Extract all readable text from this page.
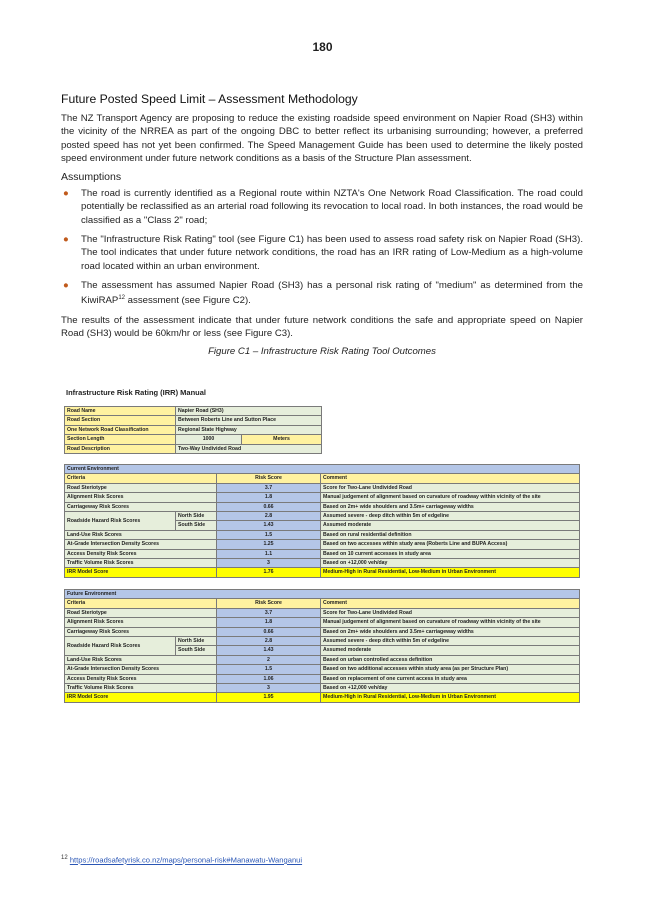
180
Future Posted Speed Limit – Assessment Methodology

The NZ Transport Agency are proposing to reduce the existing roadside speed environment on Napier Road (SH3) within the vicinity of the NRREA as part of the ongoing DBC to better reflect its urbanising surrounding; however, a preferred posted speed has not yet been confirmed. The Speed Management Guide has been used to determine the likely posted speed environment under future network conditions as a basis of the Structure Plan assessment.

Assumptions
● The road is currently identified as a Regional route within NZTA's One Network Road Classification. The road could potentially be reclassified as an arterial road following its revocation to local road. In both instances, the road would be classified as a "Class 2" road;
● The "Infrastructure Risk Rating" tool (see Figure C1) has been used to assess road safety risk on Napier Road (SH3). The tool indicates that under future network conditions, the road has an IRR rating of Low-Medium as a high-volume road located within an urban environment.
● The assessment has assumed Napier Road (SH3) has a personal risk rating of "medium" as determined from the KiwiRAP$^{12}$ assessment (see Figure C2).

The results of the assessment indicate that under future network conditions the safe and appropriate speed on Napier Road (SH3) would be 60km/hr or less (see Figure C3).

Figure C1 – Infrastructure Risk Rating Tool Outcomes
Infrastructure Risk Rating (IRR) Manual
Road Name	Napier Road (SH3)	
Road Section	Between Roberts Line and Sutton Place	
One Network Road Classification	Regional State Highway	
Section Length	1000	Meters
Road Description	Two-Way Undivided Road	
Current Environment			
Criteria		Risk Score	Comment
Road Steriotype		3.7	Score for Two-Lane Undivided Road
Alignment Risk Scores		1.8	Manual judgement of alignment based on curvature of roadway within vicinity of the site
Carriageway Risk Scores		0.66	Based on 2m+ wide shoulders and 3.5m+ carriageway widths
Roadside Hazard Risk Scores	North Side	2.8	Assumed severe - deep ditch within 5m of edgeline
	South Side	1.43	Assumed moderate
Land-Use Risk Scores		1.5	Based on rural residential definition
At-Grade Intersection Density Scores		1.25	Based on two accesses within study area (Roberts Line and BUPA Access)
Access Density Risk Scores		1.1	Based on 10 current accesses in study area
Traffic Volume Risk Scores		3	Based on +12,000 veh/day
IRR Model Score		1.76	Medium-High in Rural Residential, Low-Medium in Urban Environment
Future Environment			
Criteria		Risk Score	Comment
Road Steriotype		3.7	Score for Two-Lane Undivided Road
Alignment Risk Scores		1.8	Manual judgement of alignment based on curvature of roadway within vicinity of the site
Carriageway Risk Scores		0.66	Based on 2m+ wide shoulders and 3.5m+ carriageway widths
Roadside Hazard Risk Scores	North Side	2.8	Assumed severe - deep ditch within 5m of edgeline
	South Side	1.43	Assumed moderate
Land-Use Risk Scores		2	Based on urban controlled access definition
At-Grade Intersection Density Scores		1.5	Based on two additional accesses within study area (as per Structure Plan)
Access Density Risk Scores		1.06	Based on replacement of one current access in study area
Traffic Volume Risk Scores		3	Based on +12,000 veh/day
IRR Model Score		1.95	Medium-High in Rural Residential, Low-Medium in Urban Environment
$^{12}$ https://roadsafetyrisk.co.nz/maps/personal-risk#Manawatu-Wanganui
